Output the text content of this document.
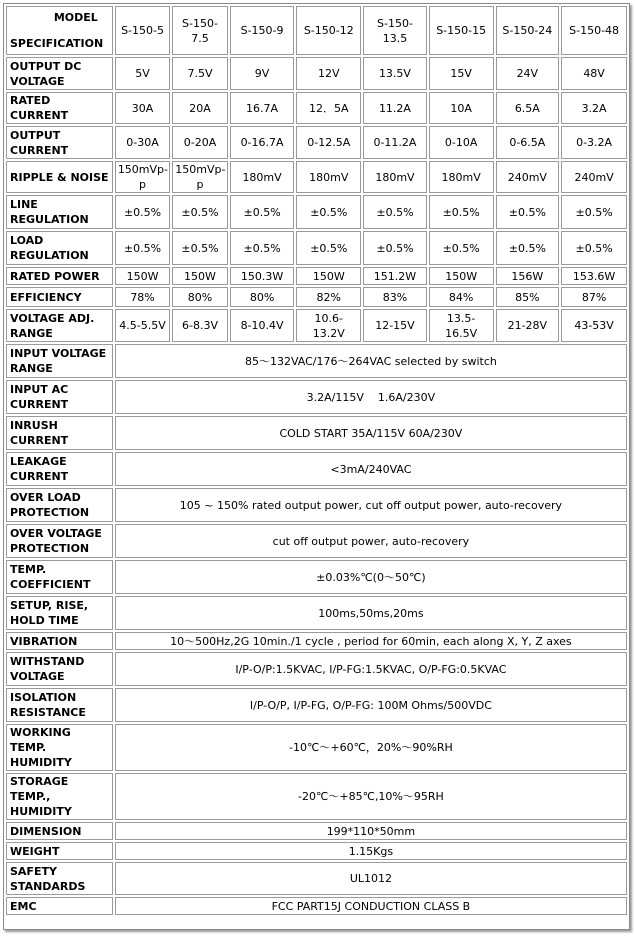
MODEL
SPECIFICATION	S-150-5	S-150-7.5	S-150-9	S-150-12	S-150-13.5	S-150-15	S-150-24	S-150-48
OUTPUT DC VOLTAGE	5V	7.5V	9V	12V	13.5V	15V	24V	48V
RATED CURRENT	30A	20A	16.7A	12．5A	11.2A	10A	6.5A	3.2A
OUTPUT CURRENT	0-30A	0-20A	0-16.7A	0-12.5A	0-11.2A	0-10A	0-6.5A	0-3.2A
RIPPLE & NOISE	150mVp-p	150mVp-p	180mV	180mV	180mV	180mV	240mV	240mV
LINE REGULATION	±0.5%	±0.5%	±0.5%	±0.5%	±0.5%	±0.5%	±0.5%	±0.5%
LOAD REGULATION	±0.5%	±0.5%	±0.5%	±0.5%	±0.5%	±0.5%	±0.5%	±0.5%
RATED POWER	150W	150W	150.3W	150W	151.2W	150W	156W	153.6W
EFFICIENCY	78%	80%	80%	82%	83%	84%	85%	87%
VOLTAGE ADJ. RANGE	4.5-5.5V	6-8.3V	8-10.4V	10.6-13.2V	12-15V	13.5-16.5V	21-28V	43-53V
INPUT VOLTAGE RANGE	85～132VAC/176～264VAC selected by switch							
INPUT AC CURRENT	3.2A/115V    1.6A/230V							
INRUSH CURRENT	COLD START 35A/115V 60A/230V							
LEAKAGE CURRENT	<3mA/240VAC							
OVER LOAD PROTECTION	105 ~ 150% rated output power, cut off output power, auto-recovery							
OVER VOLTAGE PROTECTION	cut off output power, auto-recovery							
TEMP. COEFFICIENT	±0.03%℃(0～50℃)							
SETUP, RISE, HOLD TIME	100ms,50ms,20ms							
VIBRATION	10～500Hz,2G 10min./1 cycle , period for 60min, each along X, Y, Z axes							
WITHSTAND VOLTAGE	I/P-O/P:1.5KVAC, I/P-FG:1.5KVAC, O/P-FG:0.5KVAC							
ISOLATION RESISTANCE	I/P-O/P, I/P-FG, O/P-FG: 100M Ohms/500VDC							
WORKING TEMP. HUMIDITY	-10℃～+60℃，20%～90%RH							
STORAGE TEMP., HUMIDITY	-20℃～+85℃,10%～95RH							
DIMENSION	199*110*50mm							
WEIGHT	1.15Kgs							
SAFETY STANDARDS	UL1012							
EMC	FCC PART15J CONDUCTION CLASS B							
